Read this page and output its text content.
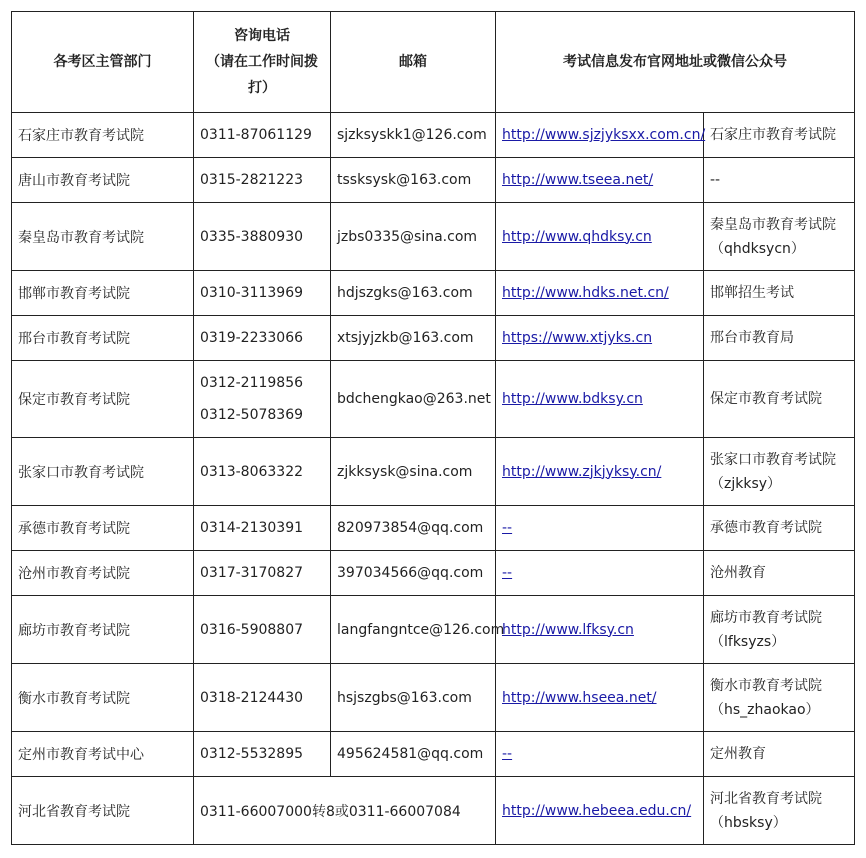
各考区主管部门	咨询电话
（请在工作时间拨
打）	邮箱	考试信息发布官网地址或微信公众号	
石家庄市教育考试院	0311-87061129	sjzksyskk1@126.com	http://www.sjzjyksxx.com.cn/	石家庄市教育考试院

唐山市教育考试院	0315-2821223	tssksysk@163.com	http://www.tseea.net/	--

秦皇岛市教育考试院	0335-3880930	jzbs0335@sina.com	http://www.qhdksy.cn	秦皇岛市教育考试院
（qhdksycn）

邯郸市教育考试院	0310-3113969	hdjszgks@163.com	http://www.hdks.net.cn/	邯郸招生考试

邢台市教育考试院	0319-2233066	xtsjyjzkb@163.com	https://www.xtjyks.cn	邢台市教育局

保定市教育考试院	0312-2119856
0312-5078369	bdchengkao@263.net	http://www.bdksy.cn	保定市教育考试院

张家口市教育考试院	0313-8063322	zjkksysk@sina.com	http://www.zjkjyksy.cn/	张家口市教育考试院
（zjkksy）

承德市教育考试院	0314-2130391	820973854@qq.com	--	承德市教育考试院

沧州市教育考试院	0317-3170827	397034566@qq.com	--	沧州教育

廊坊市教育考试院	0316-5908807	langfangntce@126.com	http://www.lfksy.cn	廊坊市教育考试院
（lfksyzs）

衡水市教育考试院	0318-2124430	hsjszgbs@163.com	http://www.hseea.net/	衡水市教育考试院
（hs_zhaokao）

定州市教育考试中心	0312-5532895	495624581@qq.com	--	定州教育

河北省教育考试院	0311-66007000转8或0311-66007084		http://www.hebeea.edu.cn/	河北省教育考试院
（hbsksy）
